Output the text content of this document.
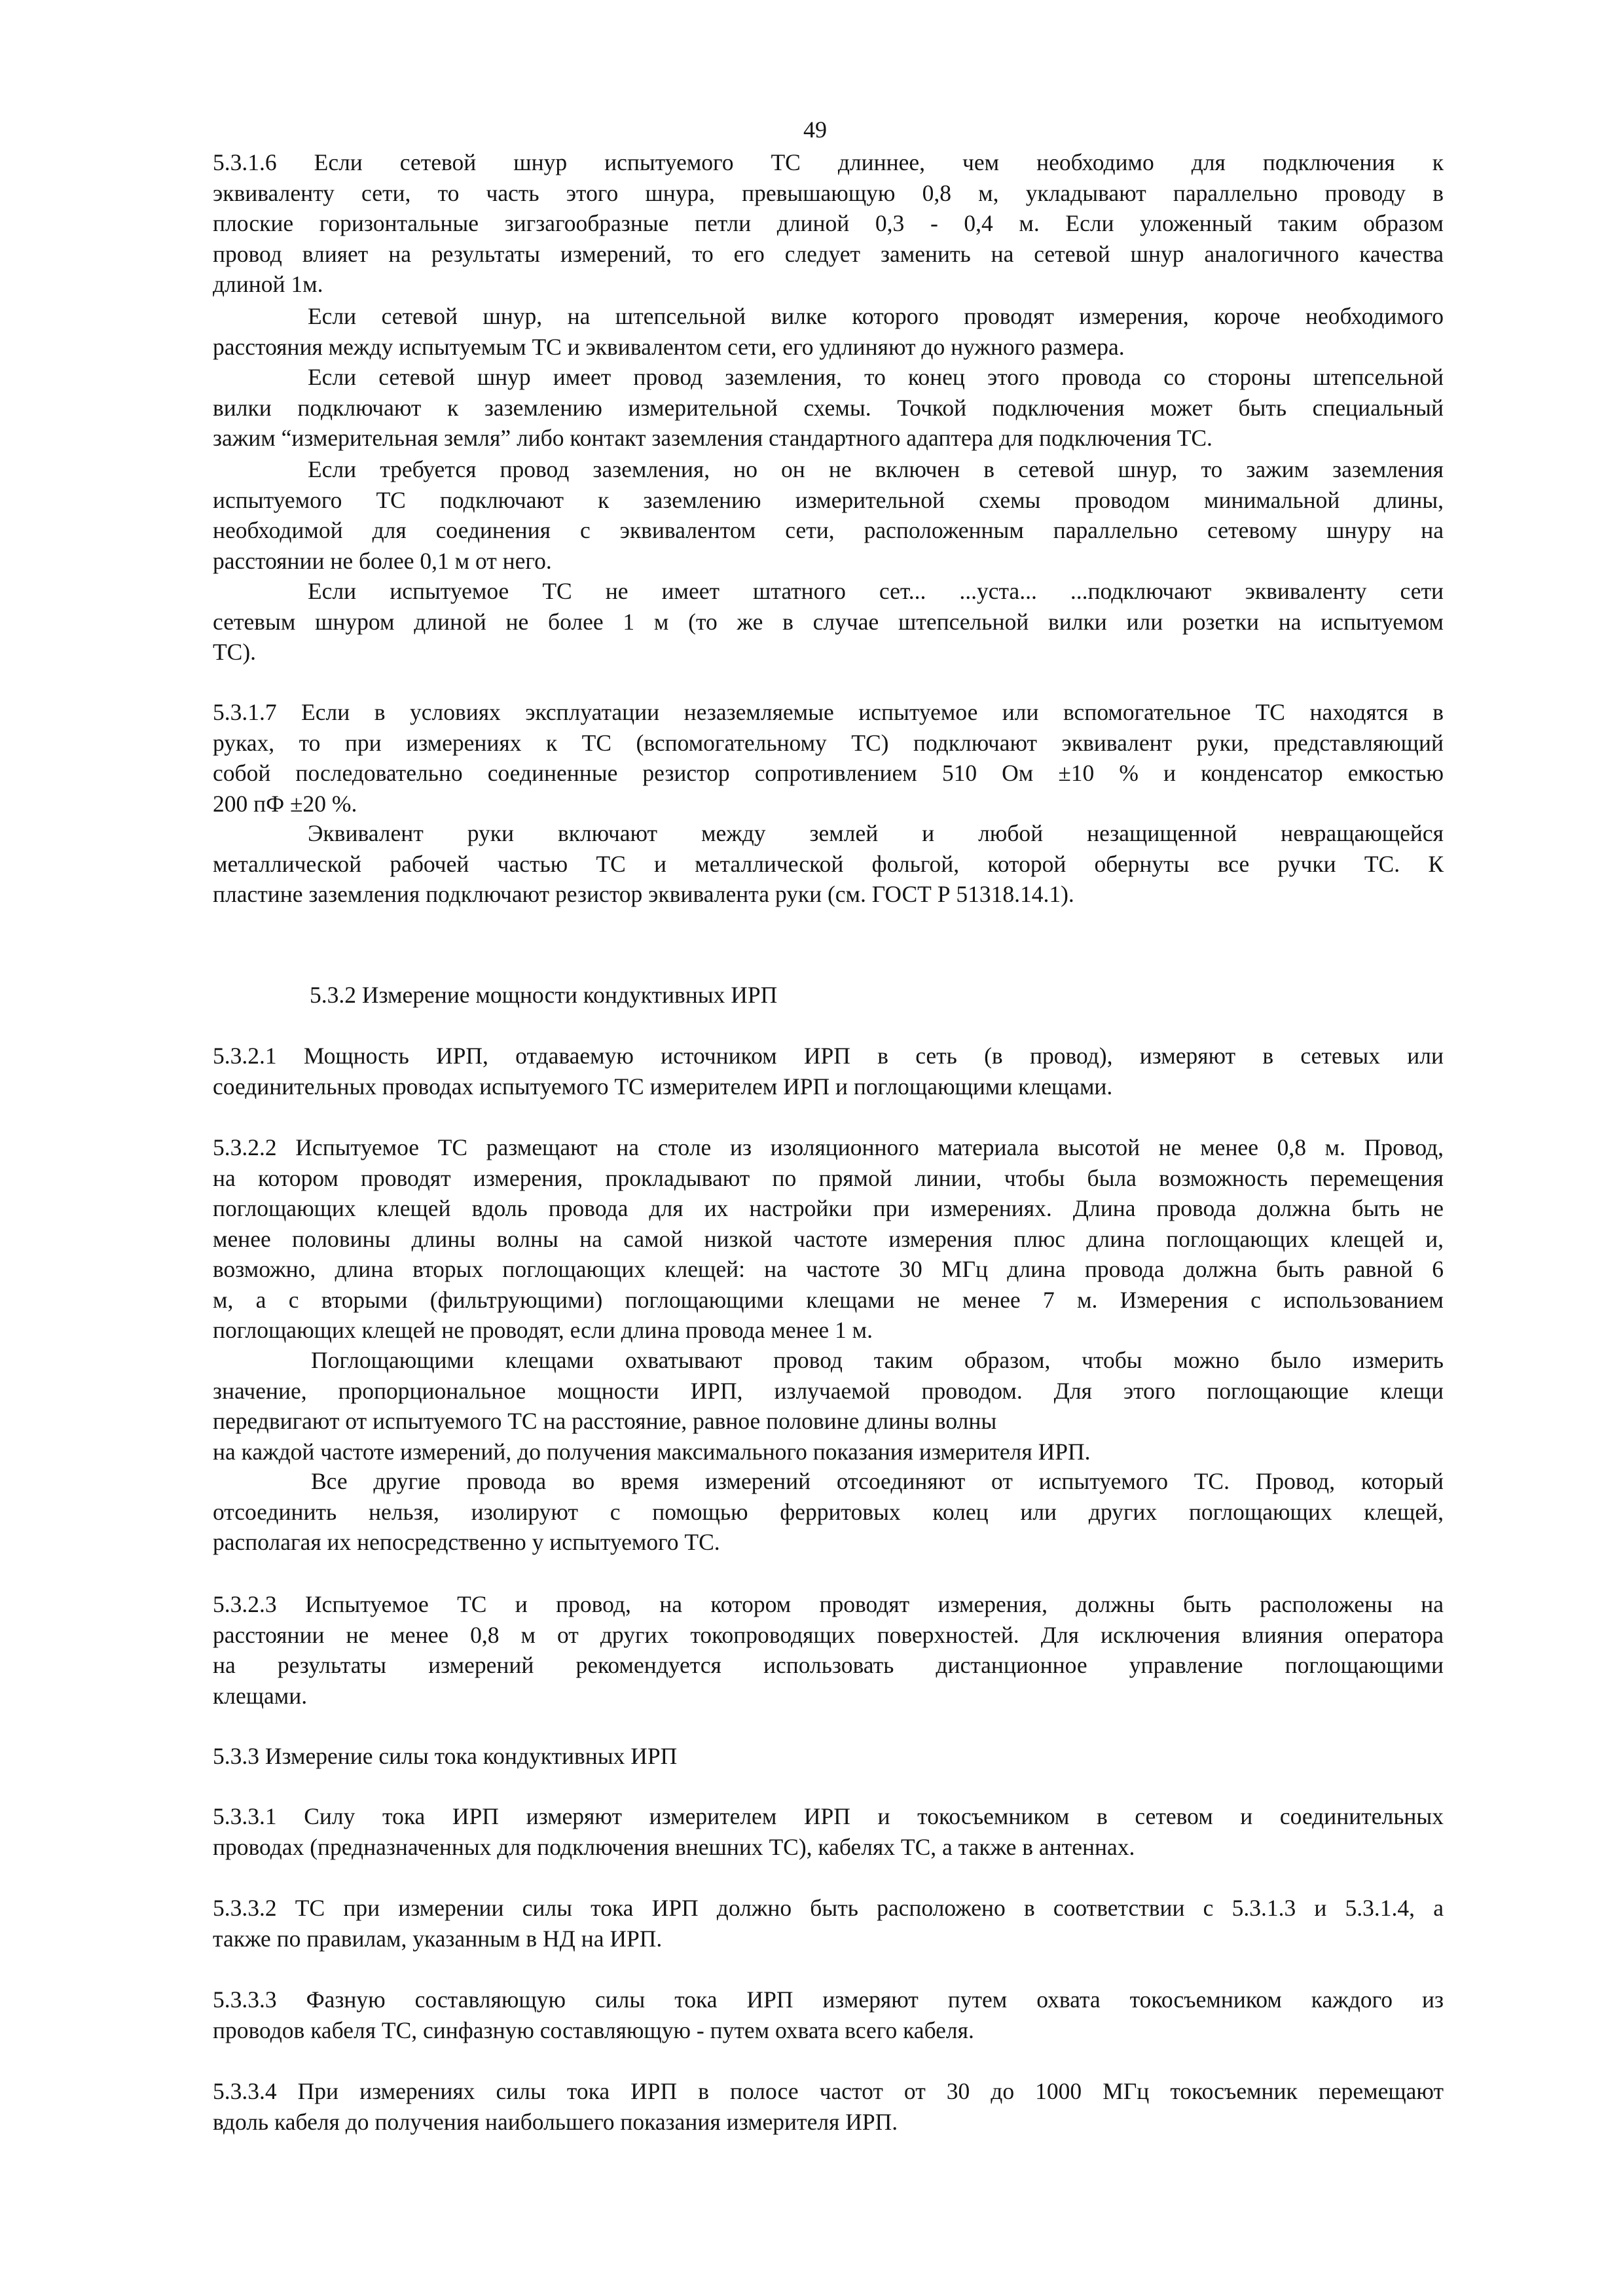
49
5.3.1.6 Если сетевой шнур испытуемого ТС длиннее, чем необходимо для подключения к
эквиваленту сети, то часть этого шнура, превышающую 0,8 м, укладывают параллельно проводу в
плоские горизонтальные зигзагообразные петли длиной 0,3 - 0,4 м. Если уложенный таким образом
провод влияет на результаты измерений, то его следует заменить на сетевой шнур аналогичного качества
длиной 1м.
Если сетевой шнур, на штепсельной вилке которого проводят измерения, короче необходимого
расстояния между испытуемым ТС и эквивалентом сети, его удлиняют до нужного размера.
Если сетевой шнур имеет провод заземления, то конец этого провода со стороны штепсельной
вилки подключают к заземлению измерительной схемы. Точкой подключения может быть специальный
зажим “измерительная земля” либо контакт заземления стандартного адаптера для подключения ТС.
Если требуется провод заземления, но он не включен в сетевой шнур, то зажим заземления
испытуемого ТС подключают к заземлению измерительной схемы проводом минимальной длины,
необходимой для соединения с эквивалентом сети, расположенным параллельно сетевому шнуру на
расстоянии не более 0,1 м от него.
Если испытуемое ТС не имеет штатного сет... ...уста... ...подключают эквиваленту сети
сетевым шнуром длиной не более 1 м (то же в случае штепсельной вилки или розетки на испытуемом
ТС).
5.3.1.7 Если в условиях эксплуатации незаземляемые испытуемое или вспомогательное ТС находятся в
руках, то при измерениях к ТС (вспомогательному ТС) подключают эквивалент руки, представляющий
собой последовательно соединенные резистор сопротивлением 510 Ом ±10 % и конденсатор емкостью
200 пФ ±20 %.
Эквивалент руки включают между землей и любой незащищенной невращающейся
металлической рабочей частью ТС и металлической фольгой, которой обернуты все ручки ТС. К
пластине заземления подключают резистор эквивалента руки (см. ГОСТ Р 51318.14.1).
5.3.2 Измерение мощности кондуктивных ИРП
5.3.2.1 Мощность ИРП, отдаваемую источником ИРП в сеть (в провод), измеряют в сетевых или
соединительных проводах испытуемого ТС измерителем ИРП и поглощающими клещами.
5.3.2.2 Испытуемое ТС размещают на столе из изоляционного материала высотой не менее 0,8 м. Провод,
на котором проводят измерения, прокладывают по прямой линии, чтобы была возможность перемещения
поглощающих клещей вдоль провода для их настройки при измерениях. Длина провода должна быть не
менее половины длины волны на самой низкой частоте измерения плюс длина поглощающих клещей и,
возможно, длина вторых поглощающих клещей: на частоте 30 МГц длина провода должна быть равной 6
м, а с вторыми (фильтрующими) поглощающими клещами не менее 7 м. Измерения с использованием
поглощающих клещей не проводят, если длина провода менее 1 м.
Поглощающими клещами охватывают провод таким образом, чтобы можно было измерить
значение, пропорциональное мощности ИРП, излучаемой проводом. Для этого поглощающие клещи
передвигают от испытуемого ТС на расстояние, равное половине длины волны
на каждой частоте измерений, до получения максимального показания измерителя ИРП.
Все другие провода во время измерений отсоединяют от испытуемого ТС. Провод, который
отсоединить нельзя, изолируют с помощью ферритовых колец или других поглощающих клещей,
располагая их непосредственно у испытуемого ТС.
5.3.2.3 Испытуемое ТС и провод, на котором проводят измерения, должны быть расположены на
расстоянии не менее 0,8 м от других токопроводящих поверхностей. Для исключения влияния оператора
на результаты измерений рекомендуется использовать дистанционное управление поглощающими
клещами.
5.3.3 Измерение силы тока кондуктивных ИРП
5.3.3.1 Силу тока ИРП измеряют измерителем ИРП и токосъемником в сетевом и соединительных
проводах (предназначенных для подключения внешних ТС), кабелях ТС, а также в антеннах.
5.3.3.2 ТС при измерении силы тока ИРП должно быть расположено в соответствии с 5.3.1.3 и 5.3.1.4, а
также по правилам, указанным в НД на ИРП.
5.3.3.3 Фазную составляющую силы тока ИРП измеряют путем охвата токосъемником каждого из
проводов кабеля ТС, синфазную составляющую - путем охвата всего кабеля.
5.3.3.4 При измерениях силы тока ИРП в полосе частот от 30 до 1000 МГц токосъемник перемещают
вдоль кабеля до получения наибольшего показания измерителя ИРП.
